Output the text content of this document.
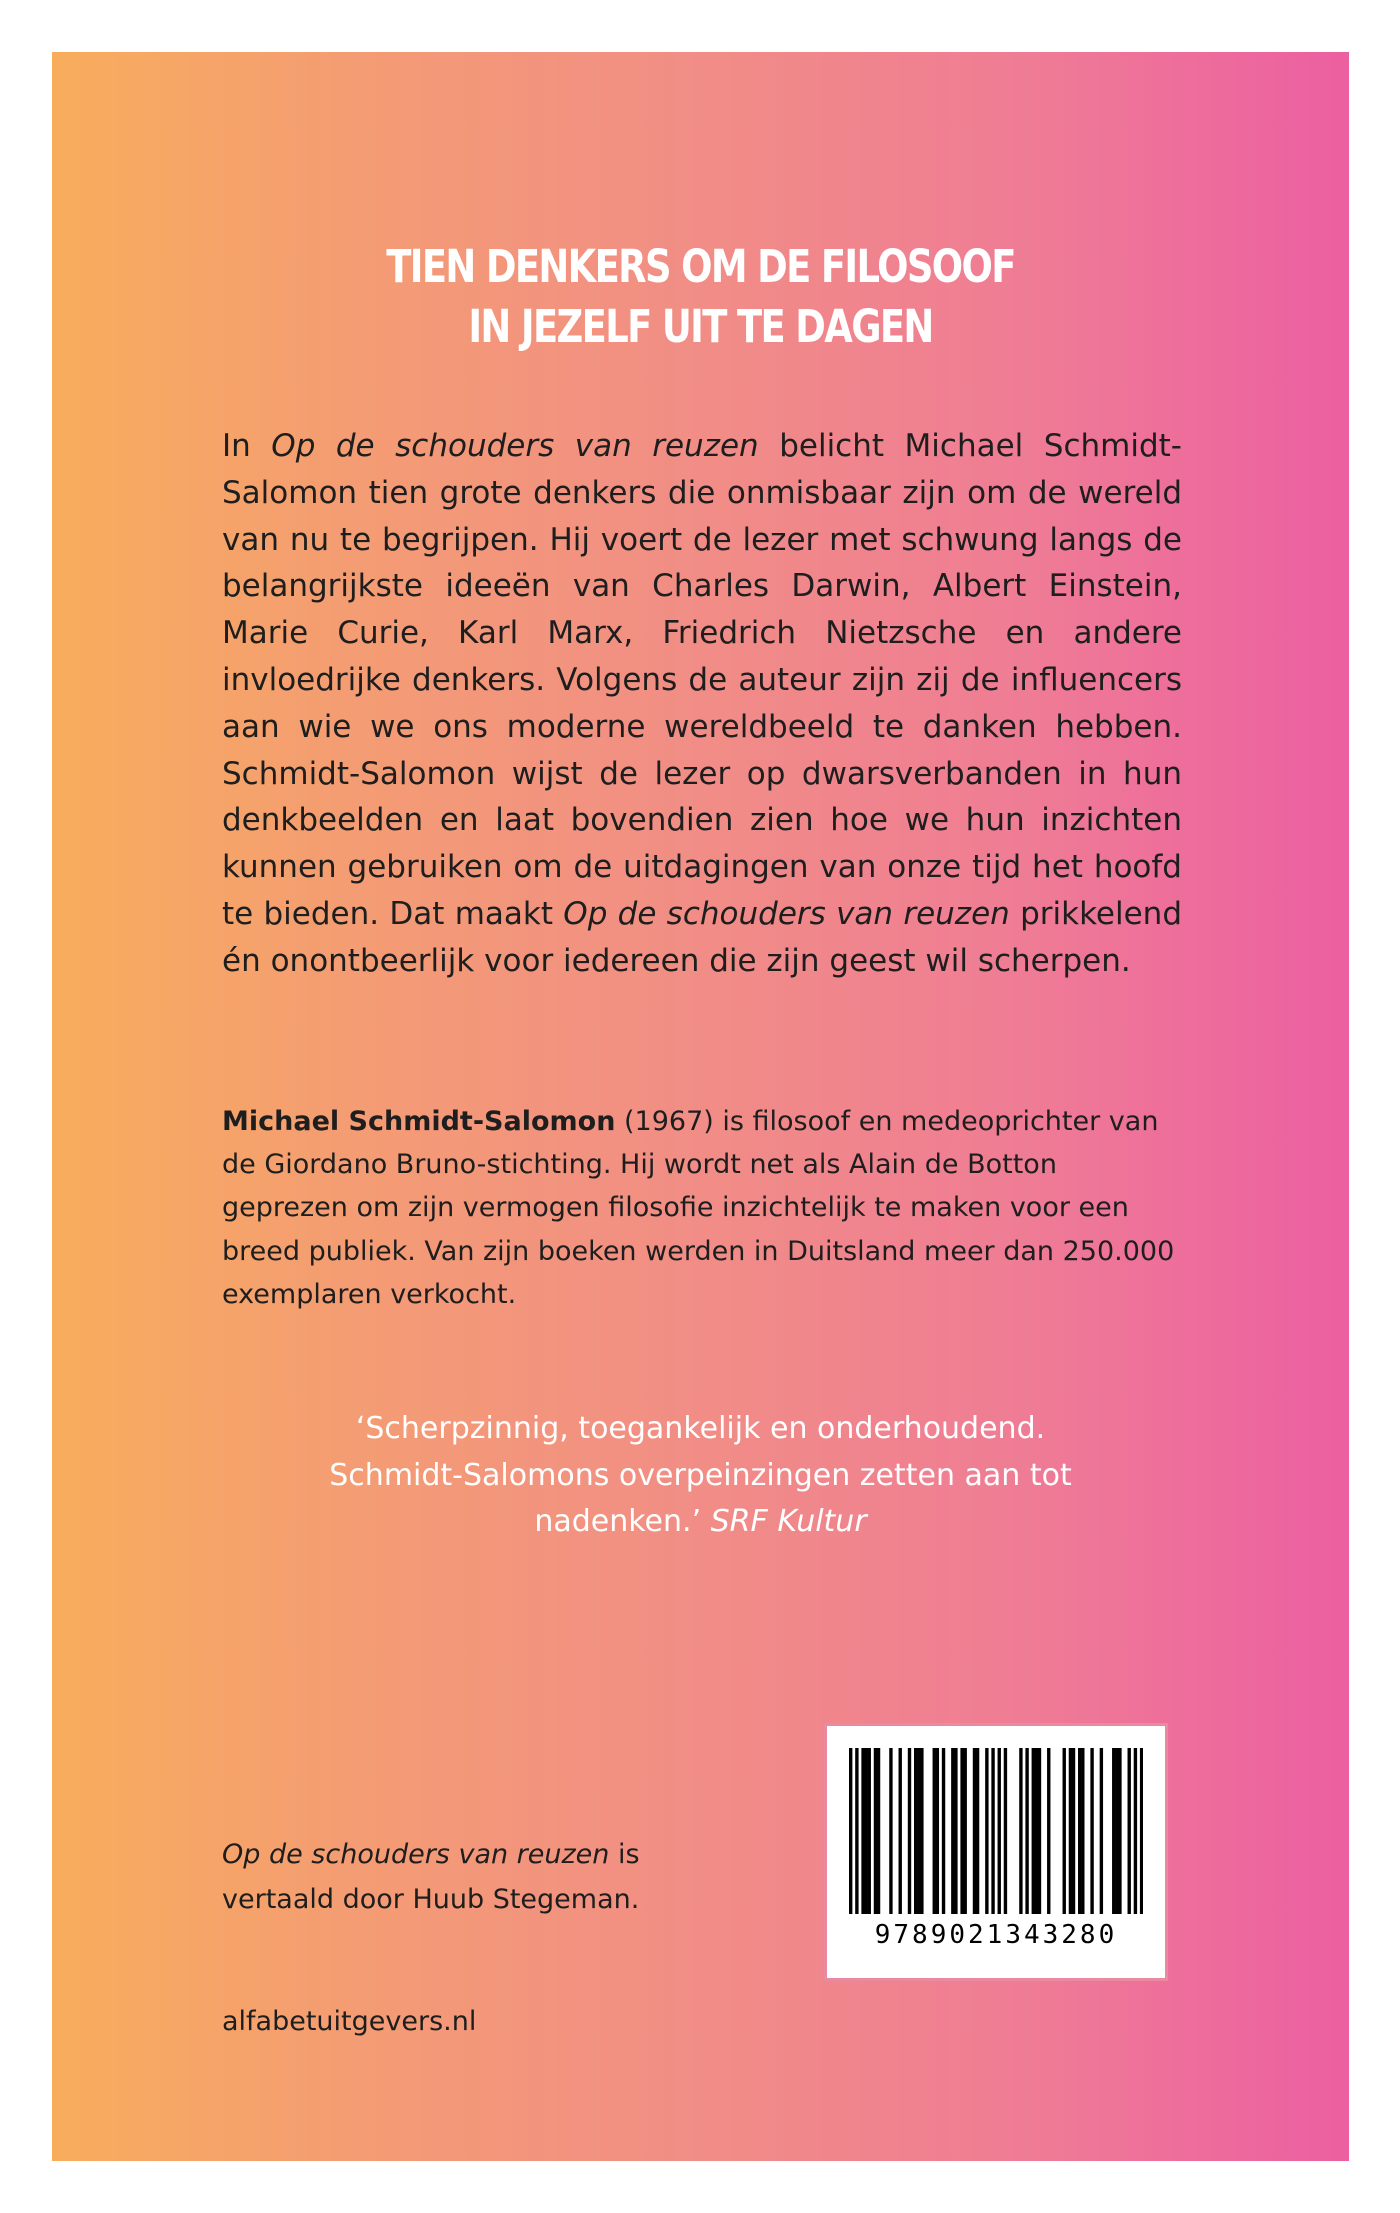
TIEN DENKERS OM DE FILOSOOF
IN JEZELF UIT TE DAGEN
In Op de schouders van reuzen belicht Michael Schmidt-Salomon tien grote denkers die onmisbaar zijn om de wereld van nu te begrijpen. Hij voert de lezer met schwung langs de belangrijkste ideeën van Charles Darwin, Albert Einstein, Marie Curie, Karl Marx, Friedrich Nietzsche en andere invloedrijke denkers. Volgens de auteur zijn zij de influencers aan wie we ons moderne wereldbeeld te danken hebben. Schmidt-Salomon wijst de lezer op dwarsverbanden in hun denkbeelden en laat bovendien zien hoe we hun inzichten kunnen gebruiken om de uitdagingen van onze tijd het hoofd te bieden. Dat maakt Op de schouders van reuzen prikkelend én onontbeerlijk voor iedereen die zijn geest wil scherpen.
Michael Schmidt-Salomon (1967) is filosoof en medeoprichter van de Giordano Bruno-stichting. Hij wordt net als Alain de Botton geprezen om zijn vermogen filosofie inzichtelijk te maken voor een breed publiek. Van zijn boeken werden in Duitsland meer dan 250.000 exemplaren verkocht.
‘Scherpzinnig, toegankelijk en onderhoudend.
Schmidt-Salomons overpeinzingen zetten aan tot
nadenken.’ SRF Kultur
9789021343280
Op de schouders van reuzen is
vertaald door Huub Stegeman.
alfabetuitgevers.nl
